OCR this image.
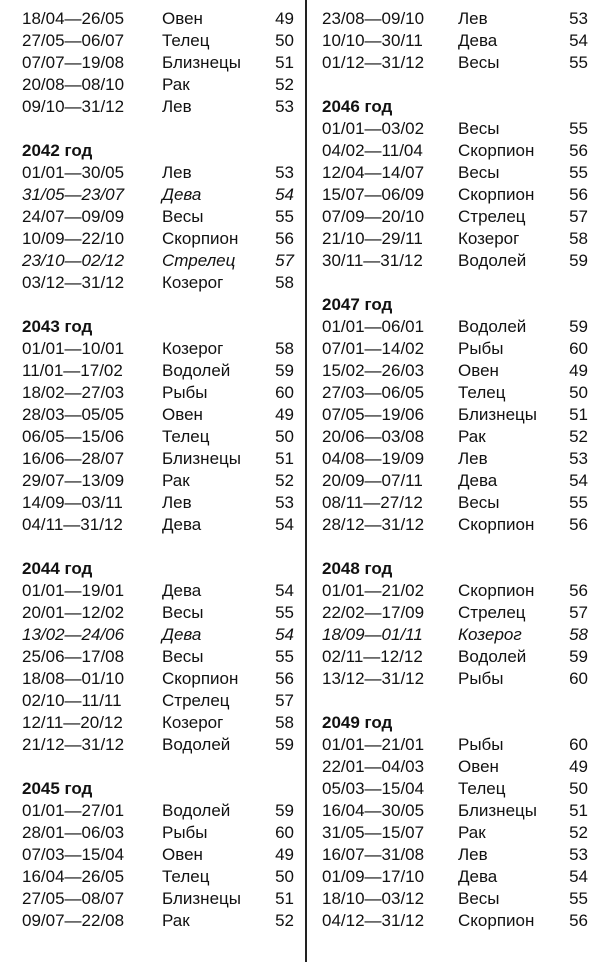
18/04—26/05	Овен	49
27/05—06/07	Телец	50
07/07—19/08	Близнецы	51
20/08—08/10	Рак	52
09/10—31/12	Лев	53
2042 год
01/01—30/05	Лев	53
31/05—23/07	Дева	54
24/07—09/09	Весы	55
10/09—22/10	Скорпион	56
23/10—02/12	Стрелец	57
03/12—31/12	Козерог	58
2043 год
01/01—10/01	Козерог	58
11/01—17/02	Водолей	59
18/02—27/03	Рыбы	60
28/03—05/05	Овен	49
06/05—15/06	Телец	50
16/06—28/07	Близнецы	51
29/07—13/09	Рак	52
14/09—03/11	Лев	53
04/11—31/12	Дева	54
2044 год
01/01—19/01	Дева	54
20/01—12/02	Весы	55
13/02—24/06	Дева	54
25/06—17/08	Весы	55
18/08—01/10	Скорпион	56
02/10—11/11	Стрелец	57
12/11—20/12	Козерог	58
21/12—31/12	Водолей	59
2045 год
01/01—27/01	Водолей	59
28/01—06/03	Рыбы	60
07/03—15/04	Овен	49
16/04—26/05	Телец	50
27/05—08/07	Близнецы	51
09/07—22/08	Рак	52
23/08—09/10	Лев	53
10/10—30/11	Дева	54
01/12—31/12	Весы	55
2046 год
01/01—03/02	Весы	55
04/02—11/04	Скорпион	56
12/04—14/07	Весы	55
15/07—06/09	Скорпион	56
07/09—20/10	Стрелец	57
21/10—29/11	Козерог	58
30/11—31/12	Водолей	59
2047 год
01/01—06/01	Водолей	59
07/01—14/02	Рыбы	60
15/02—26/03	Овен	49
27/03—06/05	Телец	50
07/05—19/06	Близнецы	51
20/06—03/08	Рак	52
04/08—19/09	Лев	53
20/09—07/11	Дева	54
08/11—27/12	Весы	55
28/12—31/12	Скорпион	56
2048 год
01/01—21/02	Скорпион	56
22/02—17/09	Стрелец	57
18/09—01/11	Козерог	58
02/11—12/12	Водолей	59
13/12—31/12	Рыбы	60
2049 год
01/01—21/01	Рыбы	60
22/01—04/03	Овен	49
05/03—15/04	Телец	50
16/04—30/05	Близнецы	51
31/05—15/07	Рак	52
16/07—31/08	Лев	53
01/09—17/10	Дева	54
18/10—03/12	Весы	55
04/12—31/12	Скорпион	56
